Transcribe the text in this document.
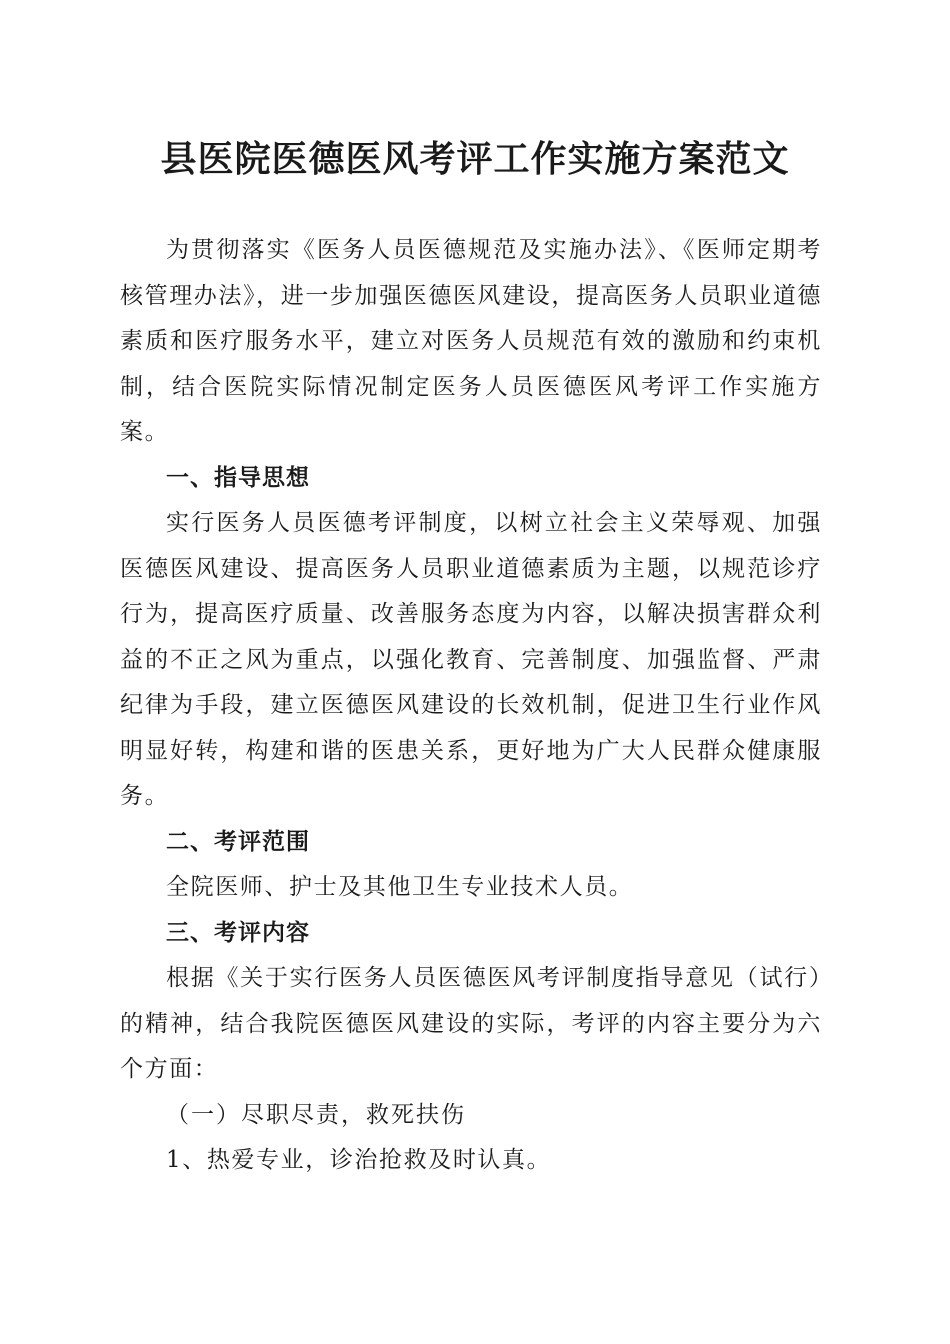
县医院医德医风考评工作实施方案范文

为贯彻落实《医务人员医德规范及实施办法》、《医师定期考核管理办法》，进一步加强医德医风建设，提高医务人员职业道德素质和医疗服务水平，建立对医务人员规范有效的激励和约束机制，结合医院实际情况制定医务人员医德医风考评工作实施方案。

一、指导思想

实行医务人员医德考评制度，以树立社会主义荣辱观、加强医德医风建设、提高医务人员职业道德素质为主题，以规范诊疗行为，提高医疗质量、改善服务态度为内容，以解决损害群众利益的不正之风为重点，以强化教育、完善制度、加强监督、严肃纪律为手段，建立医德医风建设的长效机制，促进卫生行业作风明显好转，构建和谐的医患关系，更好地为广大人民群众健康服务。

二、考评范围

全院医师、护士及其他卫生专业技术人员。

三、考评内容

根据《关于实行医务人员医德医风考评制度指导意见（试行）的精神，结合我院医德医风建设的实际，考评的内容主要分为六个方面：

（一）尽职尽责，救死扶伤

1、热爱专业，诊治抢救及时认真。
